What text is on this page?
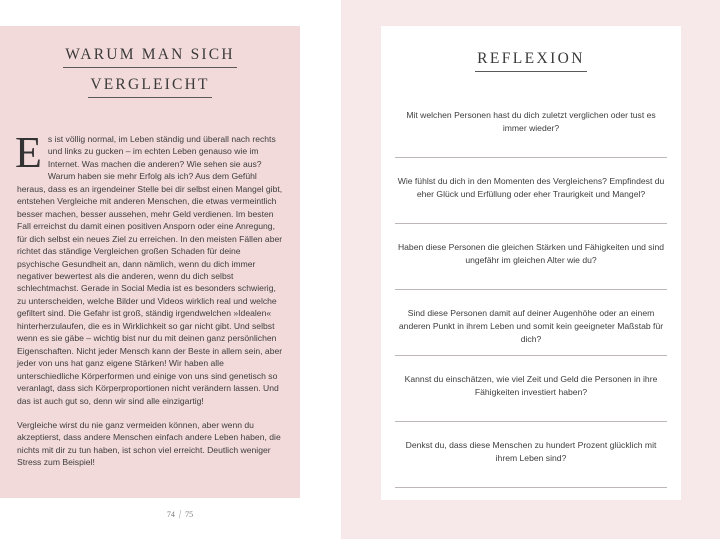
WARUM MAN SICH
VERGLEICHT

Es ist völlig normal, im Leben ständig und überall nach rechts und links zu gucken – im echten Leben genauso wie im Internet. Was machen die anderen? Wie sehen sie aus? Warum haben sie mehr Erfolg als ich? Aus dem Gefühl heraus, dass es an irgendeiner Stelle bei dir selbst einen Mangel gibt, entstehen Vergleiche mit anderen Menschen, die etwas vermeintlich besser machen, besser aussehen, mehr Geld verdienen. Im besten Fall erreichst du damit einen positiven Ansporn oder eine Anregung, für dich selbst ein neues Ziel zu erreichen. In den meisten Fällen aber richtet das ständige Vergleichen großen Schaden für deine psychische Gesundheit an, dann nämlich, wenn du dich immer negativer bewertest als die anderen, wenn du dich selbst schlechtmachst. Gerade in Social Media ist es besonders schwierig, zu unterscheiden, welche Bilder und Videos wirklich real und welche gefiltert sind. Die Gefahr ist groß, ständig irgendwelchen »Idealen« hinterherzulaufen, die es in Wirklichkeit so gar nicht gibt. Und selbst wenn es sie gäbe – wichtig bist nur du mit deinen ganz persönlichen Eigenschaften. Nicht jeder Mensch kann der Beste in allem sein, aber jeder von uns hat ganz eigene Stärken! Wir haben alle unterschiedliche Körperformen und einige von uns sind genetisch so veranlagt, dass sich Körperproportionen nicht verändern lassen. Und das ist auch gut so, denn wir sind alle einzigartig!

Vergleiche wirst du nie ganz vermeiden können, aber wenn du akzeptierst, dass andere Menschen einfach andere Leben haben, die nichts mit dir zu tun haben, ist schon viel erreicht. Deutlich weniger Stress zum Beispiel!

REFLEXION
Mit welchen Personen hast du dich zuletzt verglichen oder tust es immer wieder?
Wie fühlst du dich in den Momenten des Vergleichens? Empfindest du eher Glück und Erfüllung oder eher Traurigkeit und Mangel?
Haben diese Personen die gleichen Stärken und Fähigkeiten und sind ungefähr im gleichen Alter wie du?
Sind diese Personen damit auf deiner Augenhöhe oder an einem anderen Punkt in ihrem Leben und somit kein geeigneter Maßstab für dich?
Kannst du einschätzen, wie viel Zeit und Geld die Personen in ihre Fähigkeiten investiert haben?
Denkst du, dass diese Menschen zu hundert Prozent glücklich mit ihrem Leben sind?
74 / 75
